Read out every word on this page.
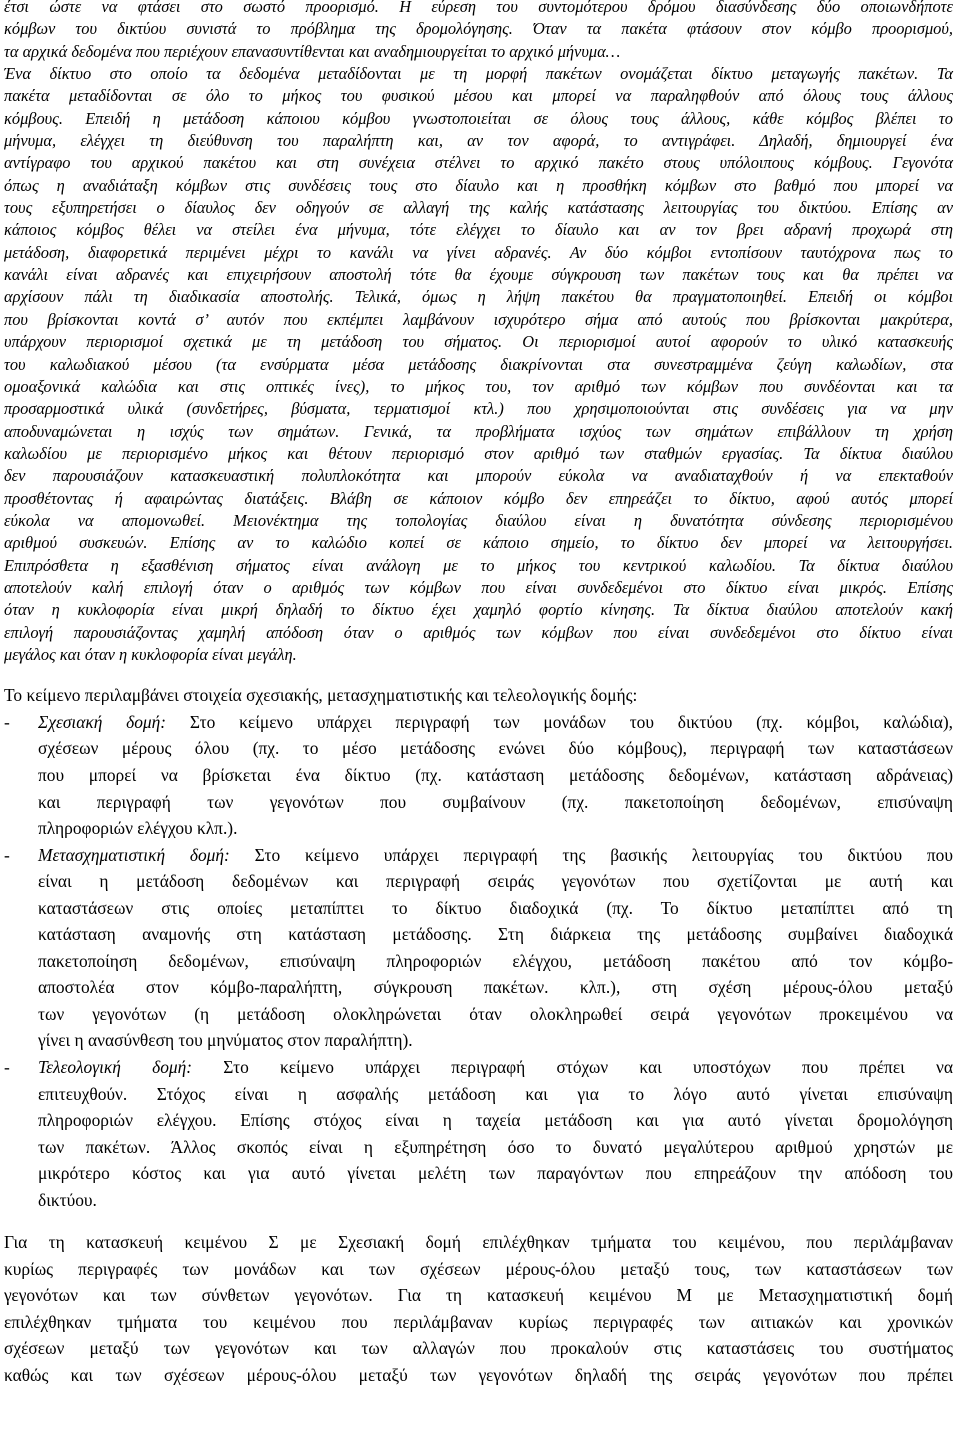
έτσι ώστε να φτάσει στο σωστό προορισμό. Η εύρεση του συντομότερου δρόμου διασύνδεσης δύο οποιωνδήποτε
κόμβων του δικτύου συνιστά το πρόβλημα της δρομολόγησης. Όταν τα πακέτα φτάσουν στον κόμβο προορισμού,
τα αρχικά δεδομένα που περιέχουν επανασυντίθενται και αναδημιουργείται το αρχικό μήνυμα…
Ένα δίκτυο στο οποίο τα δεδομένα μεταδίδονται με τη μορφή πακέτων ονομάζεται δίκτυο μεταγωγής πακέτων. Τα
πακέτα μεταδίδονται σε όλο το μήκος του φυσικού μέσου και μπορεί να παραληφθούν από όλους τους άλλους
κόμβους. Επειδή η μετάδοση κάποιου κόμβου γνωστοποιείται σε όλους τους άλλους, κάθε κόμβος βλέπει το
μήνυμα, ελέγχει τη διεύθυνση του παραλήπτη και, αν τον αφορά, το αντιγράφει. Δηλαδή, δημιουργεί ένα
αντίγραφο του αρχικού πακέτου και στη συνέχεια στέλνει το αρχικό πακέτο στους υπόλοιπους κόμβους. Γεγονότα
όπως η αναδιάταξη κόμβων στις συνδέσεις τους στο δίαυλο και η προσθήκη κόμβων στο βαθμό που μπορεί να
τους εξυπηρετήσει ο δίαυλος δεν οδηγούν σε αλλαγή της καλής κατάστασης λειτουργίας του δικτύου. Επίσης αν
κάποιος κόμβος θέλει να στείλει ένα μήνυμα, τότε ελέγχει το δίαυλο και αν τον βρει αδρανή προχωρά στη
μετάδοση, διαφορετικά περιμένει μέχρι το κανάλι να γίνει αδρανές. Αν δύο κόμβοι εντοπίσουν ταυτόχρονα πως το
κανάλι είναι αδρανές και επιχειρήσουν αποστολή τότε θα έχουμε σύγκρουση των πακέτων τους και θα πρέπει να
αρχίσουν πάλι τη διαδικασία αποστολής. Τελικά, όμως η λήψη πακέτου θα πραγματοποιηθεί. Επειδή οι κόμβοι
που βρίσκονται κοντά σ’ αυτόν που εκπέμπει λαμβάνουν ισχυρότερο σήμα από αυτούς που βρίσκονται μακρύτερα,
υπάρχουν περιορισμοί σχετικά με τη μετάδοση του σήματος. Οι περιορισμοί αυτοί αφορούν το υλικό κατασκευής
του καλωδιακού μέσου (τα ενσύρματα μέσα μετάδοσης διακρίνονται στα συνεστραμμένα ζεύγη καλωδίων, στα
ομοαξονικά καλώδια και στις οπτικές ίνες), το μήκος του, τον αριθμό των κόμβων που συνδέονται και τα
προσαρμοστικά υλικά (συνδετήρες, βύσματα, τερματισμοί κτλ.) που χρησιμοποιούνται στις συνδέσεις για να μην
αποδυναμώνεται η ισχύς των σημάτων. Γενικά, τα προβλήματα ισχύος των σημάτων επιβάλλουν τη χρήση
καλωδίου με περιορισμένο μήκος και θέτουν περιορισμό στον αριθμό των σταθμών εργασίας. Τα δίκτυα διαύλου
δεν παρουσιάζουν κατασκευαστική πολυπλοκότητα και μπορούν εύκολα να αναδιαταχθούν ή να επεκταθούν
προσθέτοντας ή αφαιρώντας διατάξεις. Βλάβη σε κάποιον κόμβο δεν επηρεάζει το δίκτυο, αφού αυτός μπορεί
εύκολα να απομονωθεί. Μειονέκτημα της τοπολογίας διαύλου είναι η δυνατότητα σύνδεσης περιορισμένου
αριθμού συσκευών. Επίσης αν το καλώδιο κοπεί σε κάποιο σημείο, το δίκτυο δεν μπορεί να λειτουργήσει.
Επιπρόσθετα η εξασθένιση σήματος είναι ανάλογη με το μήκος του κεντρικού καλωδίου. Τα δίκτυα διαύλου
αποτελούν καλή επιλογή όταν ο αριθμός των κόμβων που είναι συνδεδεμένοι στο δίκτυο είναι μικρός. Επίσης
όταν η κυκλοφορία είναι μικρή δηλαδή το δίκτυο έχει χαμηλό φορτίο κίνησης. Τα δίκτυα διαύλου αποτελούν κακή
επιλογή παρουσιάζοντας χαμηλή απόδοση όταν ο αριθμός των κόμβων που είναι συνδεδεμένοι στο δίκτυο είναι
μεγάλος και όταν η κυκλοφορία είναι μεγάλη.
Το κείμενο περιλαμβάνει στοιχεία σχεσιακής, μετασχηματιστικής και τελεολογικής δομής:
- Σχεσιακή δομή: Στο κείμενο υπάρχει περιγραφή των μονάδων του δικτύου (πχ. κόμβοι, καλώδια),
σχέσεων μέρους όλου (πχ. το μέσο μετάδοσης ενώνει δύο κόμβους), περιγραφή των καταστάσεων
που μπορεί να βρίσκεται ένα δίκτυο (πχ. κατάσταση μετάδοσης δεδομένων, κατάσταση αδράνειας)
και περιγραφή των γεγονότων που συμβαίνουν (πχ. πακετοποίηση δεδομένων, επισύναψη
πληροφοριών ελέγχου κλπ.).
- Μετασχηματιστική δομή: Στο κείμενο υπάρχει περιγραφή της βασικής λειτουργίας του δικτύου που
είναι η μετάδοση δεδομένων και περιγραφή σειράς γεγονότων που σχετίζονται με αυτή και
καταστάσεων στις οποίες μεταπίπτει το δίκτυο διαδοχικά (πχ. Το δίκτυο μεταπίπτει από τη
κατάσταση αναμονής στη κατάσταση μετάδοσης. Στη διάρκεια της μετάδοσης συμβαίνει διαδοχικά
πακετοποίηση δεδομένων, επισύναψη πληροφοριών ελέγχου, μετάδοση πακέτου από τον κόμβο-
αποστολέα στον κόμβο-παραλήπτη, σύγκρουση πακέτων. κλπ.), στη σχέση μέρους-όλου μεταξύ
των γεγονότων (η μετάδοση ολοκληρώνεται όταν ολοκληρωθεί σειρά γεγονότων προκειμένου να
γίνει η ανασύνθεση του μηνύματος στον παραλήπτη).
- Τελεολογική δομή: Στο κείμενο υπάρχει περιγραφή στόχων και υποστόχων που πρέπει να
επιτευχθούν. Στόχος είναι η ασφαλής μετάδοση και για το λόγο αυτό γίνεται επισύναψη
πληροφοριών ελέγχου. Επίσης στόχος είναι η ταχεία μετάδοση και για αυτό γίνεται δρομολόγηση
των πακέτων. Άλλος σκοπός είναι η εξυπηρέτηση όσο το δυνατό μεγαλύτερου αριθμού χρηστών με
μικρότερο κόστος και για αυτό γίνεται μελέτη των παραγόντων που επηρεάζουν την απόδοση του
δικτύου.
Για τη κατασκευή κειμένου Σ με Σχεσιακή δομή επιλέχθηκαν τμήματα του κειμένου, που περιλάμβαναν
κυρίως περιγραφές των μονάδων και των σχέσεων μέρους-όλου μεταξύ τους, των καταστάσεων των
γεγονότων και των σύνθετων γεγονότων. Για τη κατασκευή κειμένου Μ με Μετασχηματιστική δομή
επιλέχθηκαν τμήματα του κειμένου που περιλάμβαναν κυρίως περιγραφές των αιτιακών και χρονικών
σχέσεων μεταξύ των γεγονότων και των αλλαγών που προκαλούν στις καταστάσεις του συστήματος
καθώς και των σχέσεων μέρους-όλου μεταξύ των γεγονότων δηλαδή της σειράς γεγονότων που πρέπει
